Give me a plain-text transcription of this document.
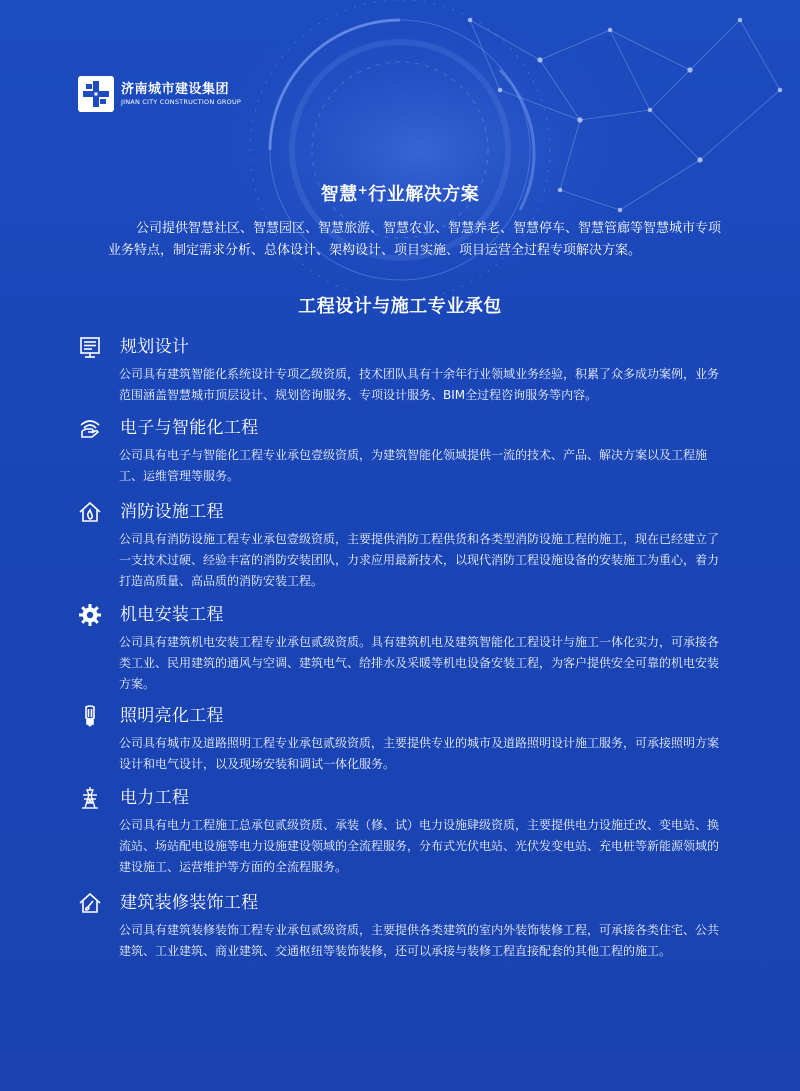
济南城市建设集团
JINAN CITY CONSTRUCTION GROUP
智慧+行业解决方案
公司提供智慧社区、智慧园区、智慧旅游、智慧农业、智慧养老、智慧停车、智慧管廊等智慧城市专项业务特点，制定需求分析、总体设计、架构设计、项目实施、项目运营全过程专项解决方案。
工程设计与施工专业承包
规划设计
公司具有建筑智能化系统设计专项乙级资质，技术团队具有十余年行业领域业务经验，积累了众多成功案例，业务范围涵盖智慧城市顶层设计、规划咨询服务、专项设计服务、BIM全过程咨询服务等内容。
电子与智能化工程
公司具有电子与智能化工程专业承包壹级资质，为建筑智能化领域提供一流的技术、产品、解决方案以及工程施工、运维管理等服务。
消防设施工程
公司具有消防设施工程专业承包壹级资质，主要提供消防工程供货和各类型消防设施工程的施工，现在已经建立了一支技术过硬、经验丰富的消防安装团队，力求应用最新技术，以现代消防工程设施设备的安装施工为重心，着力打造高质量、高品质的消防安装工程。
机电安装工程
公司具有建筑机电安装工程专业承包贰级资质。具有建筑机电及建筑智能化工程设计与施工一体化实力，可承接各类工业、民用建筑的通风与空调、建筑电气、给排水及采暖等机电设备安装工程，为客户提供安全可靠的机电安装方案。
照明亮化工程
公司具有城市及道路照明工程专业承包贰级资质，主要提供专业的城市及道路照明设计施工服务，可承接照明方案设计和电气设计，以及现场安装和调试一体化服务。
电力工程
公司具有电力工程施工总承包贰级资质、承装（修、试）电力设施肆级资质，主要提供电力设施迁改、变电站、换流站、场站配电设施等电力设施建设领域的全流程服务，分布式光伏电站、光伏发变电站、充电桩等新能源领域的建设施工、运营维护等方面的全流程服务。
建筑装修装饰工程
公司具有建筑装修装饰工程专业承包贰级资质，主要提供各类建筑的室内外装饰装修工程，可承接各类住宅、公共建筑、工业建筑、商业建筑、交通枢纽等装饰装修，还可以承接与装修工程直接配套的其他工程的施工。
